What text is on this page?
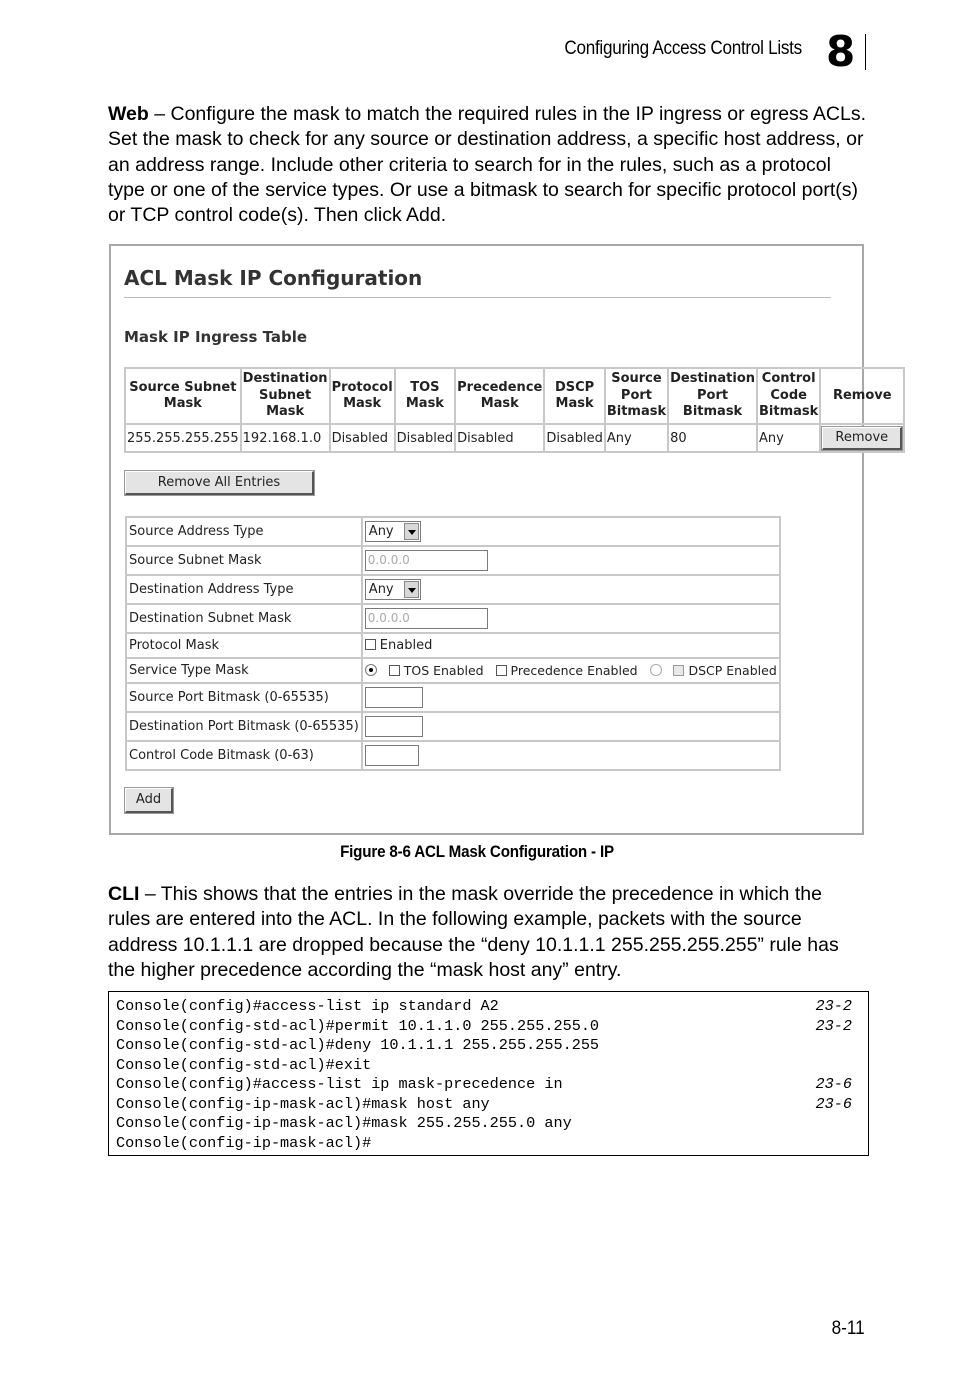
Configuring Access Control Lists 8

Web – Configure the mask to match the required rules in the IP ingress or egress ACLs. Set the mask to check for any source or destination address, a specific host address, or an address range. Include other criteria to search for in the rules, such as a protocol type or one of the service types. Or use a bitmask to search for specific protocol port(s) or TCP control code(s). Then click Add.

ACL Mask IP Configuration
Mask IP Ingress Table
Source Subnet Mask	Destination Subnet Mask	Protocol Mask	TOS Mask	Precedence Mask	DSCP Mask	Source Port Bitmask	Destination Port Bitmask	Control Code Bitmask	Remove
255.255.255.255	192.168.1.0	Disabled	Disabled	Disabled	Disabled	Any	80	Any	Remove
Remove All Entries
Source Address Type	Any

Source Subnet Mask	0.0.0.0
Destination Address Type	Any

Destination Subnet Mask	0.0.0.0
Protocol Mask	Enabled
Service Type Mask	TOS Enabled Precedence Enabled DSCP Enabled
Source Port Bitmask (0-65535)	
Destination Port Bitmask (0-65535)	
Control Code Bitmask (0-63)	
Add
Figure 8-6 ACL Mask Configuration - IP

CLI – This shows that the entries in the mask override the precedence in which the rules are entered into the ACL. In the following example, packets with the source address 10.1.1.1 are dropped because the “deny 10.1.1.1 255.255.255.255” rule has the higher precedence according the “mask host any” entry.

Console(config)#access-list ip standard A2	23-2
Console(config-std-acl)#permit 10.1.1.0 255.255.255.0	23-2
Console(config-std-acl)#deny 10.1.1.1 255.255.255.255
Console(config-std-acl)#exit
Console(config)#access-list ip mask-precedence in	23-6
Console(config-ip-mask-acl)#mask host any	23-6
Console(config-ip-mask-acl)#mask 255.255.255.0 any
Console(config-ip-mask-acl)#
8-11
